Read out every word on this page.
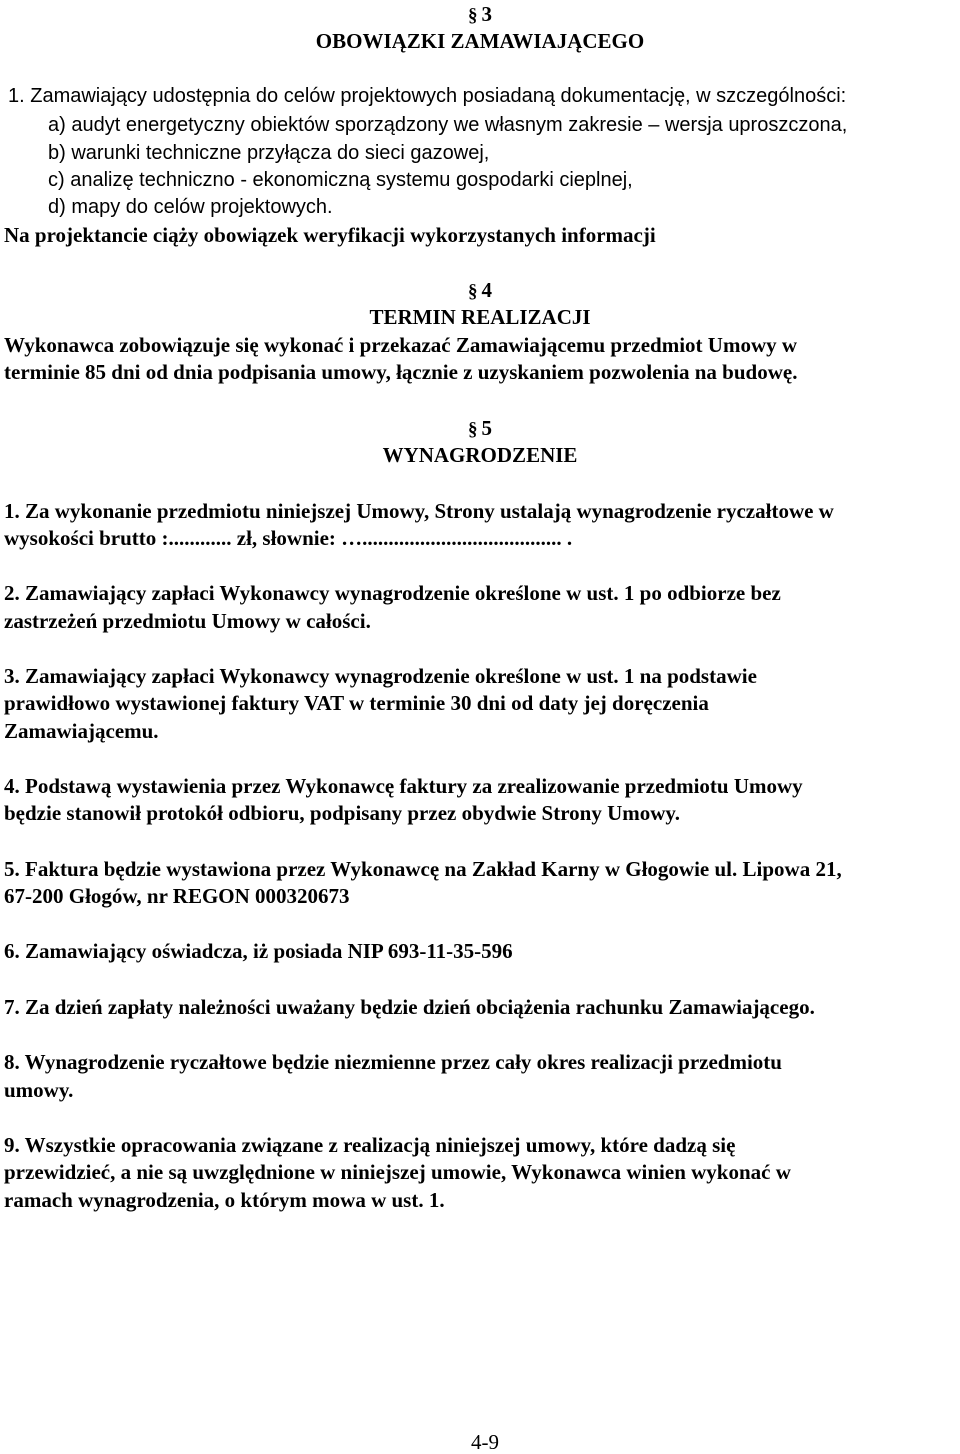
§ 3
OBOWIĄZKI ZAMAWIAJĄCEGO
1. Zamawiający udostępnia do celów projektowych posiadaną dokumentację, w szczególności:
a) audyt energetyczny obiektów sporządzony we własnym zakresie – wersja uproszczona,
b) warunki techniczne przyłącza do sieci gazowej,
c) analizę techniczno - ekonomiczną systemu gospodarki cieplnej,
d) mapy do celów projektowych.
Na projektancie ciąży obowiązek weryfikacji wykorzystanych informacji
§ 4
TERMIN REALIZACJI
Wykonawca zobowiązuje się wykonać i przekazać Zamawiającemu przedmiot Umowy w
terminie 85 dni od dnia podpisania umowy, łącznie z uzyskaniem pozwolenia na budowę.
§ 5
WYNAGRODZENIE
1. Za wykonanie przedmiotu niniejszej Umowy, Strony ustalają wynagrodzenie ryczałtowe w
wysokości brutto :............ zł, słownie: …...................................... .
2. Zamawiający zapłaci Wykonawcy wynagrodzenie określone w ust. 1 po odbiorze bez
zastrzeżeń przedmiotu Umowy w całości.
3. Zamawiający zapłaci Wykonawcy wynagrodzenie określone w ust. 1 na podstawie
prawidłowo wystawionej faktury VAT w terminie 30 dni od daty jej doręczenia
Zamawiającemu.
4. Podstawą wystawienia przez Wykonawcę faktury za zrealizowanie przedmiotu Umowy
będzie stanowił protokół odbioru, podpisany przez obydwie Strony Umowy.
5. Faktura będzie wystawiona przez Wykonawcę na Zakład Karny w Głogowie ul. Lipowa 21,
67-200 Głogów, nr REGON 000320673
6. Zamawiający oświadcza, iż posiada NIP 693-11-35-596
7. Za dzień zapłaty należności uważany będzie dzień obciążenia rachunku Zamawiającego.
8. Wynagrodzenie ryczałtowe będzie niezmienne przez cały okres realizacji przedmiotu
umowy.
9. Wszystkie opracowania związane z realizacją niniejszej umowy, które dadzą się
przewidzieć, a nie są uwzględnione w niniejszej umowie, Wykonawca winien wykonać w
ramach wynagrodzenia, o którym mowa w ust. 1.
4-9
